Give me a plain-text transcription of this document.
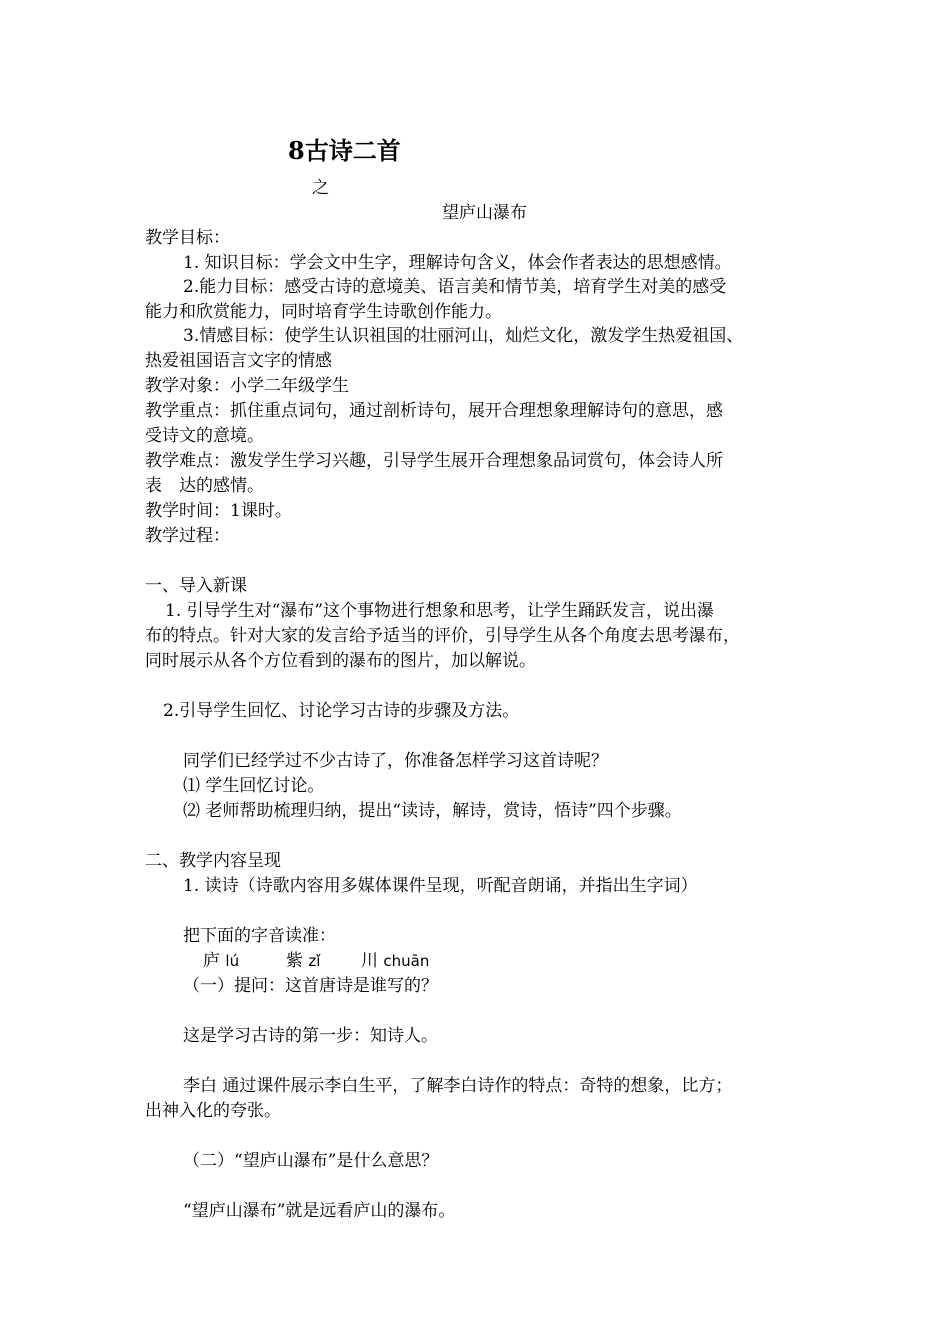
8古诗二首
之
望庐山瀑布
教学目标：
1. 知识目标：学会文中生字，理解诗句含义，体会作者表达的思想感情。
2.能力目标：感受古诗的意境美、语言美和情节美，培育学生对美的感受
能力和欣赏能力，同时培育学生诗歌创作能力。
3.情感目标：使学生认识祖国的壮丽河山，灿烂文化，激发学生热爱祖国、
热爱祖国语言文字的情感
教学对象：小学二年级学生
教学重点：抓住重点词句，通过剖析诗句，展开合理想象理解诗句的意思，感
受诗文的意境。
教学难点：激发学生学习兴趣，引导学生展开合理想象品词赏句，体会诗人所
表　达的感情。
教学时间：1课时。
教学过程：
一、导入新课
1. 引导学生对“瀑布”这个事物进行想象和思考，让学生踊跃发言，说出瀑
布的特点。针对大家的发言给予适当的评价，引导学生从各个角度去思考瀑布，
同时展示从各个方位看到的瀑布的图片，加以解说。
2.引导学生回忆、讨论学习古诗的步骤及方法。
同学们已经学过不少古诗了，你准备怎样学习这首诗呢？
⑴ 学生回忆讨论。
⑵ 老师帮助梳理归纳，提出“读诗，解诗，赏诗，悟诗”四个步骤。
二、教学内容呈现
1. 读诗（诗歌内容用多媒体课件呈现，听配音朗诵，并指出生字词）
把下面的字音读准：
庐 lú	紫 zǐ 川 chuān
（一）提问：这首唐诗是谁写的？
这是学习古诗的第一步：知诗人。
李白 通过课件展示李白生平，了解李白诗作的特点：奇特的想象，比方；
出神入化的夸张。
（二）“望庐山瀑布”是什么意思？
“望庐山瀑布”就是远看庐山的瀑布。
